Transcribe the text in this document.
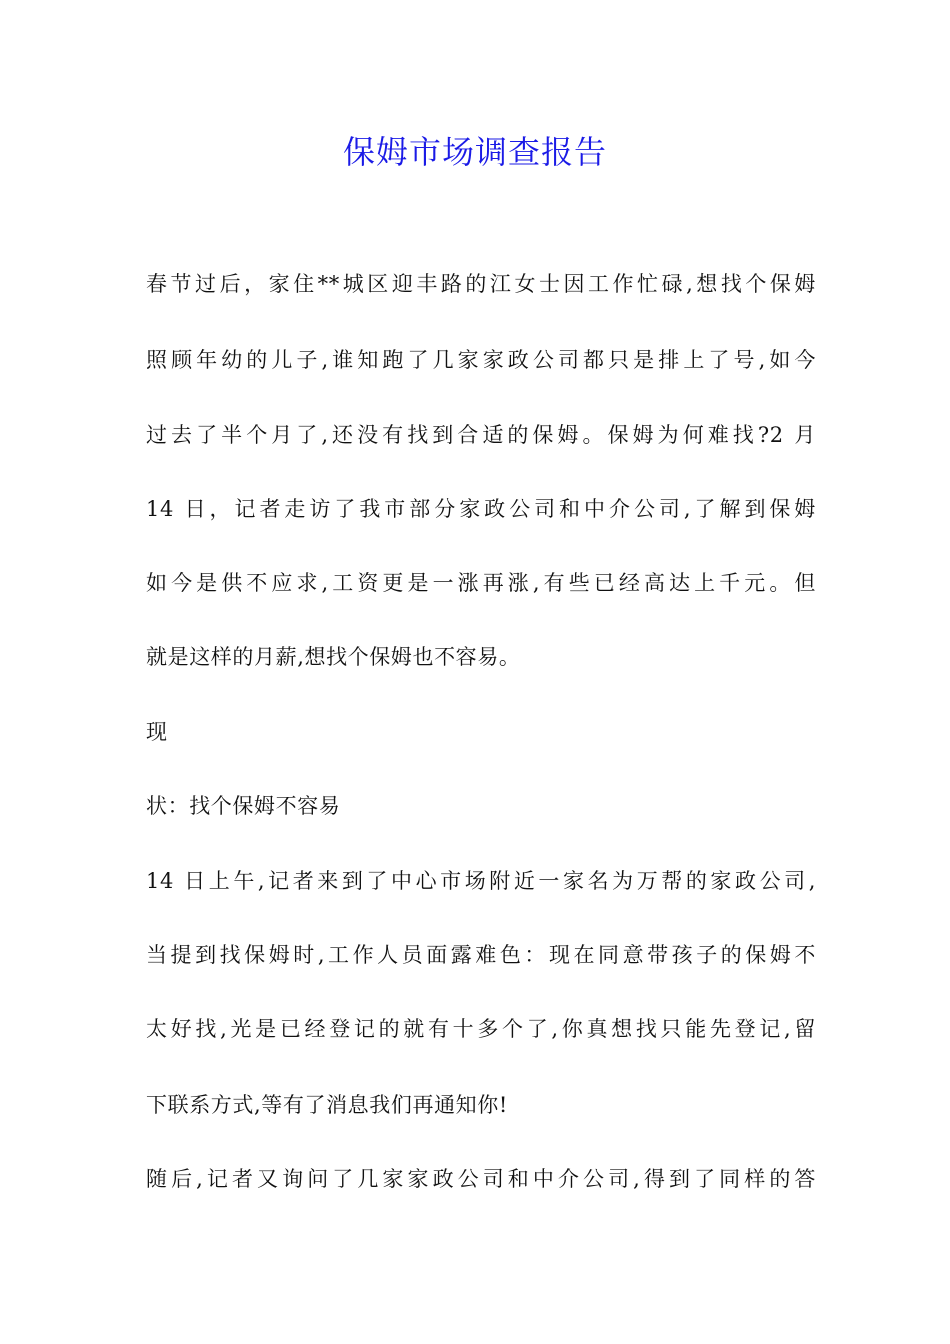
保姆市场调查报告
春节过后，家住**城区迎丰路的江女士因工作忙碌,想找个保姆
照顾年幼的儿子,谁知跑了几家家政公司都只是排上了号,如今
过去了半个月了,还没有找到合适的保姆。保姆为何难找?2 月
14 日，记者走访了我市部分家政公司和中介公司,了解到保姆
如今是供不应求,工资更是一涨再涨,有些已经高达上千元。但
就是这样的月薪,想找个保姆也不容易。
现
状：找个保姆不容易
14 日上午,记者来到了中心市场附近一家名为万帮的家政公司,
当提到找保姆时,工作人员面露难色：现在同意带孩子的保姆不
太好找,光是已经登记的就有十多个了,你真想找只能先登记,留
下联系方式,等有了消息我们再通知你!
随后,记者又询问了几家家政公司和中介公司,得到了同样的答
